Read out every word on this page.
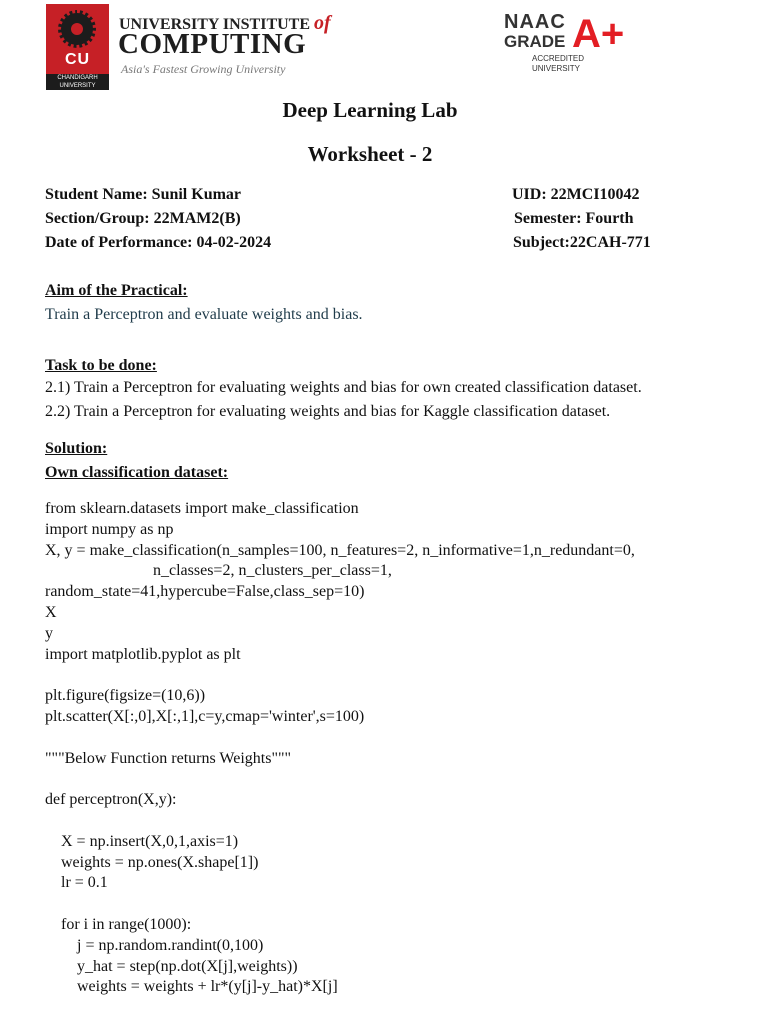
CU
CHANDIGARH UNIVERSITY
UNIVERSITY INSTITUTE of
COMPUTING
Asia's Fastest Growing University
NAAC
GRADE A+
ACCREDITED UNIVERSITY
Deep Learning Lab
Worksheet - 2
Student Name: Sunil Kumar	UID: 22MCI10042
Section/Group: 22MAM2(B)	Semester: Fourth
Date of Performance: 04-02-2024	Subject:22CAH-771
Aim of the Practical:
Train a Perceptron and evaluate weights and bias.
Task to be done:
2.1) Train a Perceptron for evaluating weights and bias for own created classification dataset.
2.2) Train a Perceptron for evaluating weights and bias for Kaggle classification dataset.
Solution:
Own classification dataset:
from sklearn.datasets import make_classification
import numpy as np
X, y = make_classification(n_samples=100, n_features=2, n_informative=1,n_redundant=0,
n_classes=2, n_clusters_per_class=1,
random_state=41,hypercube=False,class_sep=10)
X
y
import matplotlib.pyplot as plt

plt.figure(figsize=(10,6))
plt.scatter(X[:,0],X[:,1],c=y,cmap='winter',s=100)

"""Below Function returns Weights"""

def perceptron(X,y):

X = np.insert(X,0,1,axis=1)
weights = np.ones(X.shape[1])
lr = 0.1

for i in range(1000):
j = np.random.randint(0,100)
y_hat = step(np.dot(X[j],weights))
weights = weights + lr*(y[j]-y_hat)*X[j]
